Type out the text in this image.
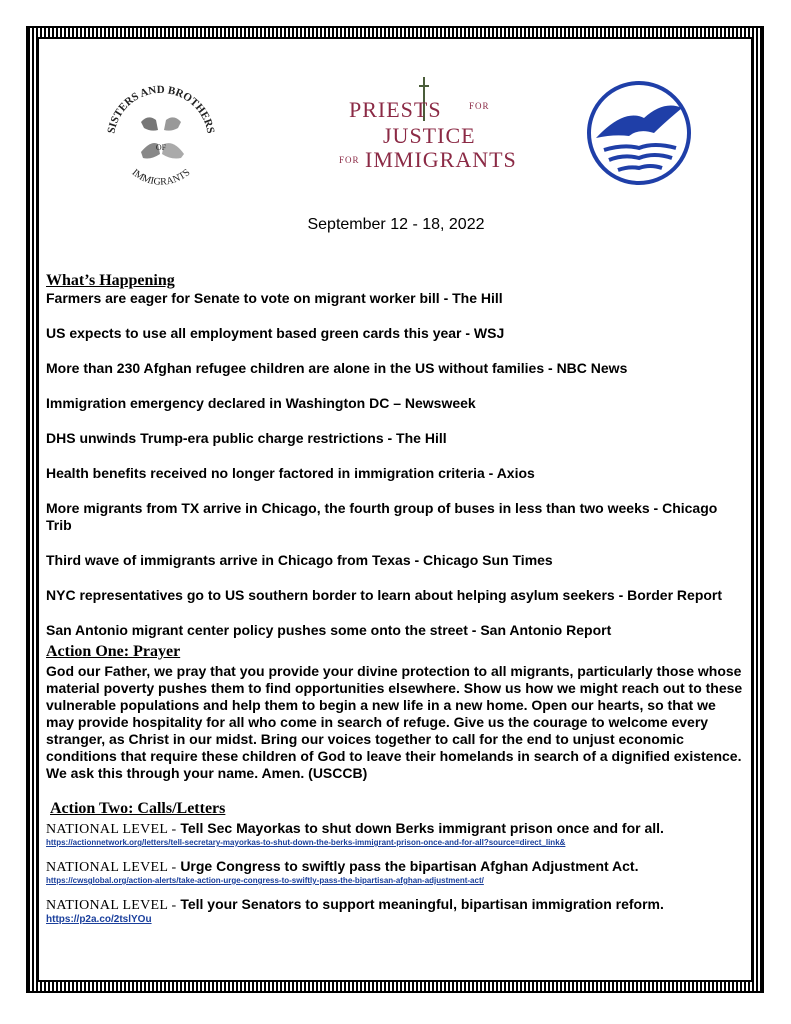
SISTERS AND BROTHERS
IMMIGRANTS
OF
PRIESTS	FOR
JUSTICE
FOR IMMIGRANTS
September 12 - 18, 2022
What’s Happening
Farmers are eager for Senate to vote on migrant worker bill - The Hill
US expects to use all employment based green cards this year - WSJ
More than 230 Afghan refugee children are alone in the US without families - NBC News
Immigration emergency declared in Washington DC – Newsweek
DHS unwinds Trump-era public charge restrictions - The Hill
Health benefits received no longer factored in immigration criteria - Axios
More migrants from TX arrive in Chicago, the fourth group of buses in less than two weeks - Chicago Trib
Third wave of immigrants arrive in Chicago from Texas - Chicago Sun Times
NYC representatives go to US southern border to learn about helping asylum seekers - Border Report
San Antonio migrant center policy pushes some onto the street - San Antonio Report
Action One: Prayer

God our Father, we pray that you provide your divine protection to all migrants, particularly those whose material poverty pushes them to find opportunities elsewhere. Show us how we might reach out to these vulnerable populations and help them to begin a new life in a new home. Open our hearts, so that we may provide hospitality for all who come in search of refuge. Give us the courage to welcome every stranger, as Christ in our midst. Bring our voices together to call for the end to unjust economic conditions that require these children of God to leave their homelands in search of a dignified existence. We ask this through your name. Amen. (USCCB)

Action Two: Calls/Letters
NATIONAL LEVEL - Tell Sec Mayorkas to shut down Berks immigrant prison once and for all.
https://actionnetwork.org/letters/tell-secretary-mayorkas-to-shut-down-the-berks-immigrant-prison-once-and-for-all?source=direct_link&
NATIONAL LEVEL - Urge Congress to swiftly pass the bipartisan Afghan Adjustment Act.
https://cwsglobal.org/action-alerts/take-action-urge-congress-to-swiftly-pass-the-bipartisan-afghan-adjustment-act/
NATIONAL LEVEL - Tell your Senators to support meaningful, bipartisan immigration reform.
https://p2a.co/2tslYOu
